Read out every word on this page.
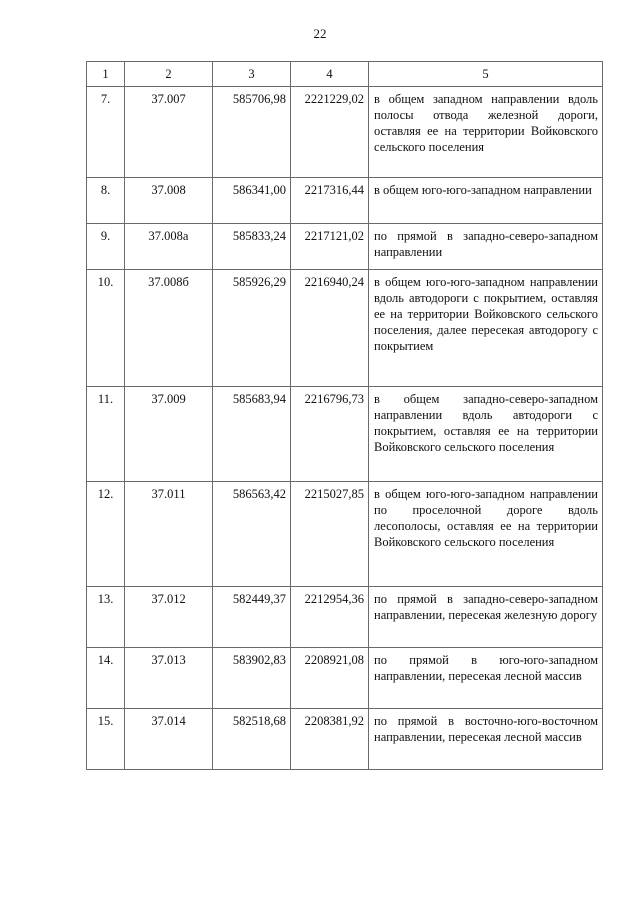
22
1	2	3	4	5
7.	37.007	585706,98	2221229,02	в общем западном направлении вдоль полосы отвода железной дороги, оставляя ее на территории Войковского сельского поселения
8.	37.008	586341,00	2217316,44	в общем юго-юго-западном направлении
9.	37.008а	585833,24	2217121,02	по прямой в западно-северо-западном направлении
10.	37.008б	585926,29	2216940,24	в общем юго-юго-западном направлении вдоль автодороги с покрытием, оставляя ее на территории Войковского сельского поселения, далее пересекая автодорогу с покрытием
11.	37.009	585683,94	2216796,73	в общем западно-северо-западном направлении вдоль автодороги с покрытием, оставляя ее на территории Войковского сельского поселения
12.	37.011	586563,42	2215027,85	в общем юго-юго-западном направлении по проселочной дороге вдоль лесополосы, оставляя ее на территории Войковского сельского поселения
13.	37.012	582449,37	2212954,36	по прямой в западно-северо-западном направлении, пересекая железную дорогу
14.	37.013	583902,83	2208921,08	по прямой в юго-юго-западном направлении, пересекая лесной массив
15.	37.014	582518,68	2208381,92	по прямой в восточно-юго-восточном направлении, пересекая лесной массив
